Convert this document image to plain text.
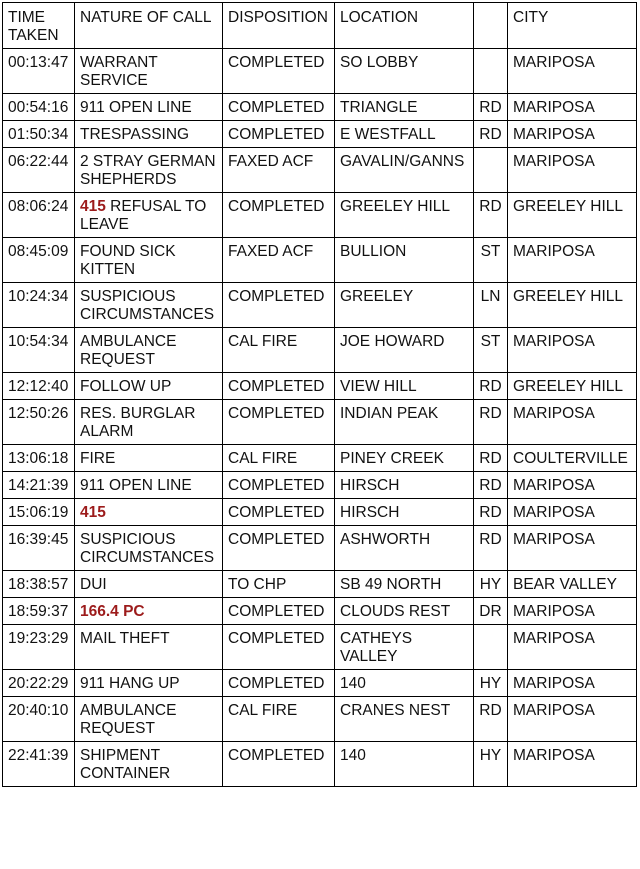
TIME TAKEN	NATURE OF CALL	DISPOSITION	LOCATION		CITY
00:13:47	WARRANT SERVICE	COMPLETED	SO LOBBY		MARIPOSA
00:54:16	911 OPEN LINE	COMPLETED	TRIANGLE	RD	MARIPOSA
01:50:34	TRESPASSING	COMPLETED	E WESTFALL	RD	MARIPOSA
06:22:44	2 STRAY GERMAN SHEPHERDS	FAXED ACF	GAVALIN/GANNS		MARIPOSA
08:06:24	415 REFUSAL TO LEAVE	COMPLETED	GREELEY HILL	RD	GREELEY HILL
08:45:09	FOUND SICK KITTEN	FAXED ACF	BULLION	ST	MARIPOSA
10:24:34	SUSPICIOUS CIRCUMSTANCES	COMPLETED	GREELEY	LN	GREELEY HILL
10:54:34	AMBULANCE REQUEST	CAL FIRE	JOE HOWARD	ST	MARIPOSA
12:12:40	FOLLOW UP	COMPLETED	VIEW HILL	RD	GREELEY HILL
12:50:26	RES. BURGLAR ALARM	COMPLETED	INDIAN PEAK	RD	MARIPOSA
13:06:18	FIRE	CAL FIRE	PINEY CREEK	RD	COULTERVILLE
14:21:39	911 OPEN LINE	COMPLETED	HIRSCH	RD	MARIPOSA
15:06:19	415	COMPLETED	HIRSCH	RD	MARIPOSA
16:39:45	SUSPICIOUS CIRCUMSTANCES	COMPLETED	ASHWORTH	RD	MARIPOSA
18:38:57	DUI	TO CHP	SB 49 NORTH	HY	BEAR VALLEY
18:59:37	166.4 PC	COMPLETED	CLOUDS REST	DR	MARIPOSA
19:23:29	MAIL THEFT	COMPLETED	CATHEYS VALLEY		MARIPOSA
20:22:29	911 HANG UP	COMPLETED	140	HY	MARIPOSA
20:40:10	AMBULANCE REQUEST	CAL FIRE	CRANES NEST	RD	MARIPOSA
22:41:39	SHIPMENT CONTAINER	COMPLETED	140	HY	MARIPOSA
